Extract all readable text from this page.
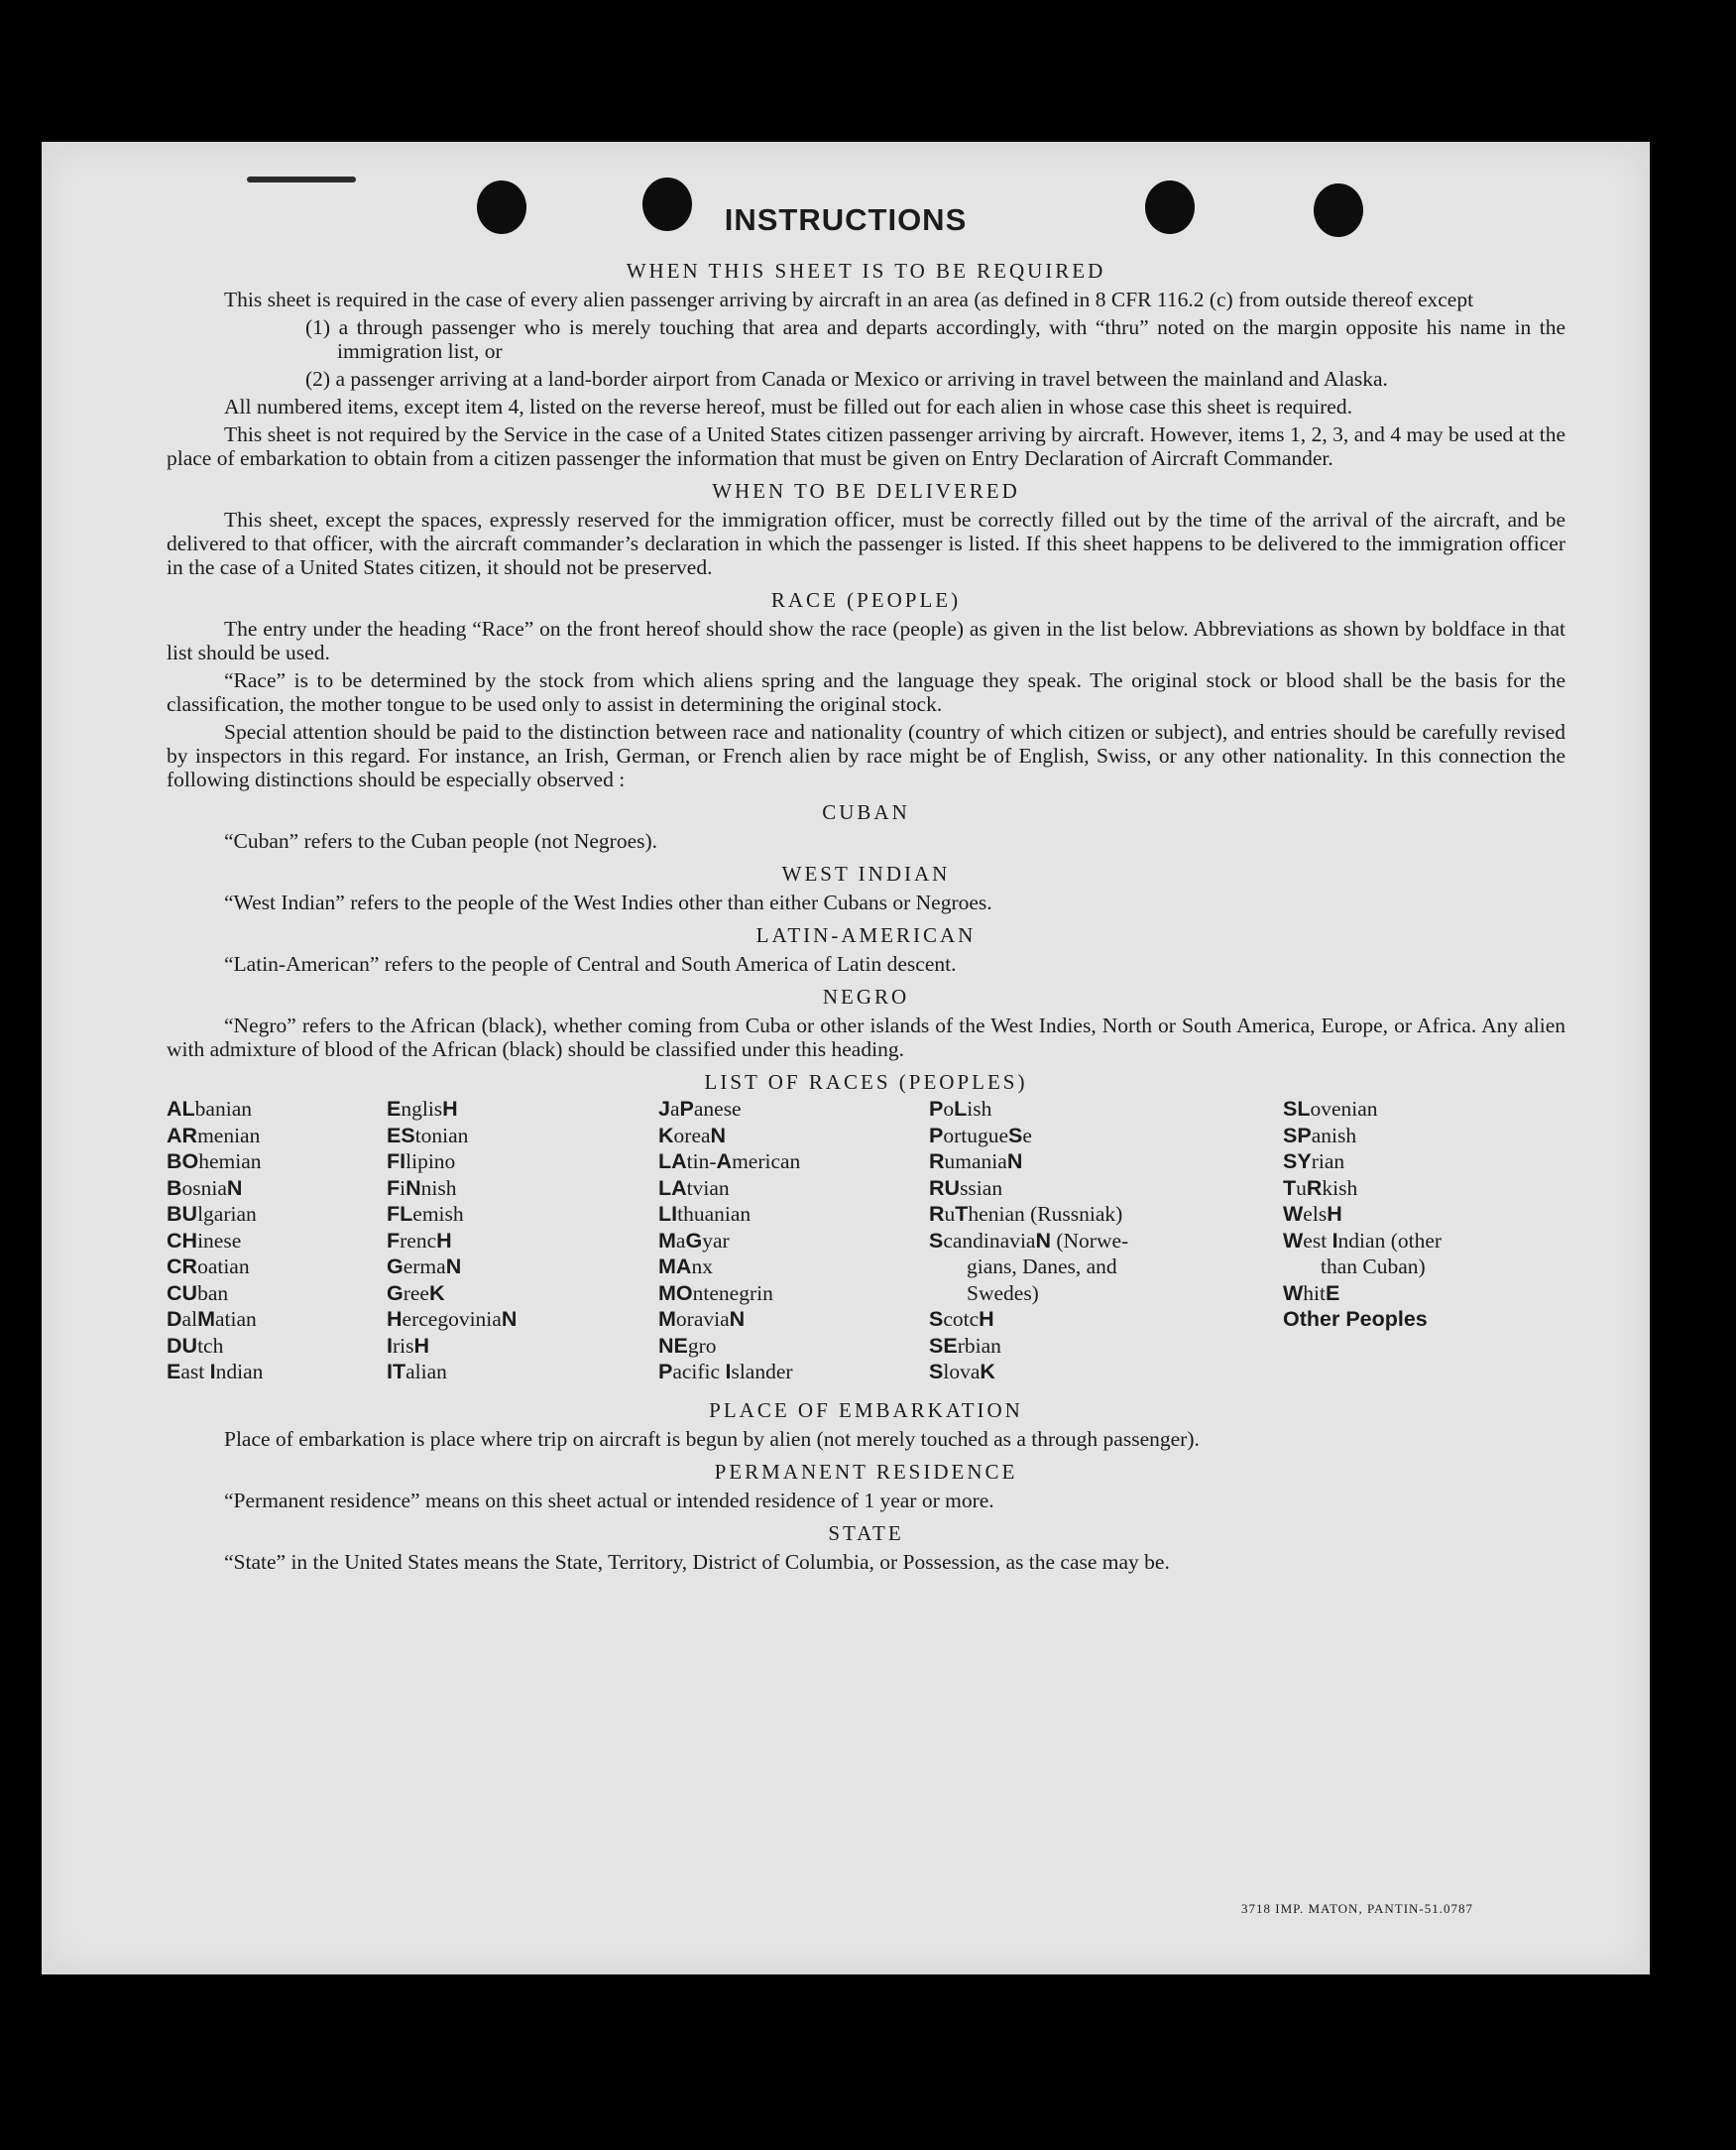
INSTRUCTIONS
WHEN THIS SHEET IS TO BE REQUIRED
This sheet is required in the case of every alien passenger arriving by aircraft in an area (as defined in 8 CFR 116.2 (c) from outside thereof except
(1) a through passenger who is merely touching that area and departs accordingly, with “thru” noted on the margin opposite his name in the immigration list, or
(2) a passenger arriving at a land-border airport from Canada or Mexico or arriving in travel between the mainland and Alaska.
All numbered items, except item 4, listed on the reverse hereof, must be filled out for each alien in whose case this sheet is required.
This sheet is not required by the Service in the case of a United States citizen passenger arriving by aircraft. However, items 1, 2, 3, and 4 may be used at the place of embarkation to obtain from a citizen passenger the information that must be given on Entry Declaration of Aircraft Commander.
WHEN TO BE DELIVERED
This sheet, except the spaces, expressly reserved for the immigration officer, must be correctly filled out by the time of the arrival of the aircraft, and be delivered to that officer, with the aircraft commander’s declaration in which the passenger is listed. If this sheet happens to be delivered to the immigration officer in the case of a United States citizen, it should not be preserved.
RACE (PEOPLE)
The entry under the heading “Race” on the front hereof should show the race (people) as given in the list below. Abbreviations as shown by boldface in that list should be used.
“Race” is to be determined by the stock from which aliens spring and the language they speak. The original stock or blood shall be the basis for the classification, the mother tongue to be used only to assist in determining the original stock.
Special attention should be paid to the distinction between race and nationality (country of which citizen or subject), and entries should be carefully revised by inspectors in this regard. For instance, an Irish, German, or French alien by race might be of English, Swiss, or any other nationality. In this connection the following distinctions should be especially observed :
CUBAN
“Cuban” refers to the Cuban people (not Negroes).
WEST INDIAN
“West Indian” refers to the people of the West Indies other than either Cubans or Negroes.
LATIN-AMERICAN
“Latin-American” refers to the people of Central and South America of Latin descent.
NEGRO
“Negro” refers to the African (black), whether coming from Cuba or other islands of the West Indies, North or South America, Europe, or Africa. Any alien with admixture of blood of the African (black) should be classified under this heading.
LIST OF RACES (PEOPLES)
ALbanian
ARmenian
BOhemian
BosniaN
BUlgarian
CHinese
CRoatian
CUban
DalMatian
DUtch
East Indian
EnglisH
EStonian
FIlipino
FiNnish
FLemish
FrencH
GermaN
GreeK
HercegoviniaN
IrisH
ITalian
JaPanese
KoreaN
LAtin-American
LAtvian
LIthuanian
MaGyar
MAnx
MOntenegrin
MoraviaN
NEgro
Pacific Islander
PoLish
PortugueSe
RumaniaN
RUssian
RuThenian (Russniak)
ScandinaviaN (Norwe-
gians, Danes, and
Swedes)
ScotcH
SErbian
SlovaK
SLovenian
SPanish
SYrian
TuRkish
WelsH
West Indian (other
than Cuban)
WhitE
Other Peoples
PLACE OF EMBARKATION
Place of embarkation is place where trip on aircraft is begun by alien (not merely touched as a through passenger).
PERMANENT RESIDENCE
“Permanent residence” means on this sheet actual or intended residence of 1 year or more.
STATE
“State” in the United States means the State, Territory, District of Columbia, or Possession, as the case may be.
3718 IMP. MATON, PANTIN-51.0787
